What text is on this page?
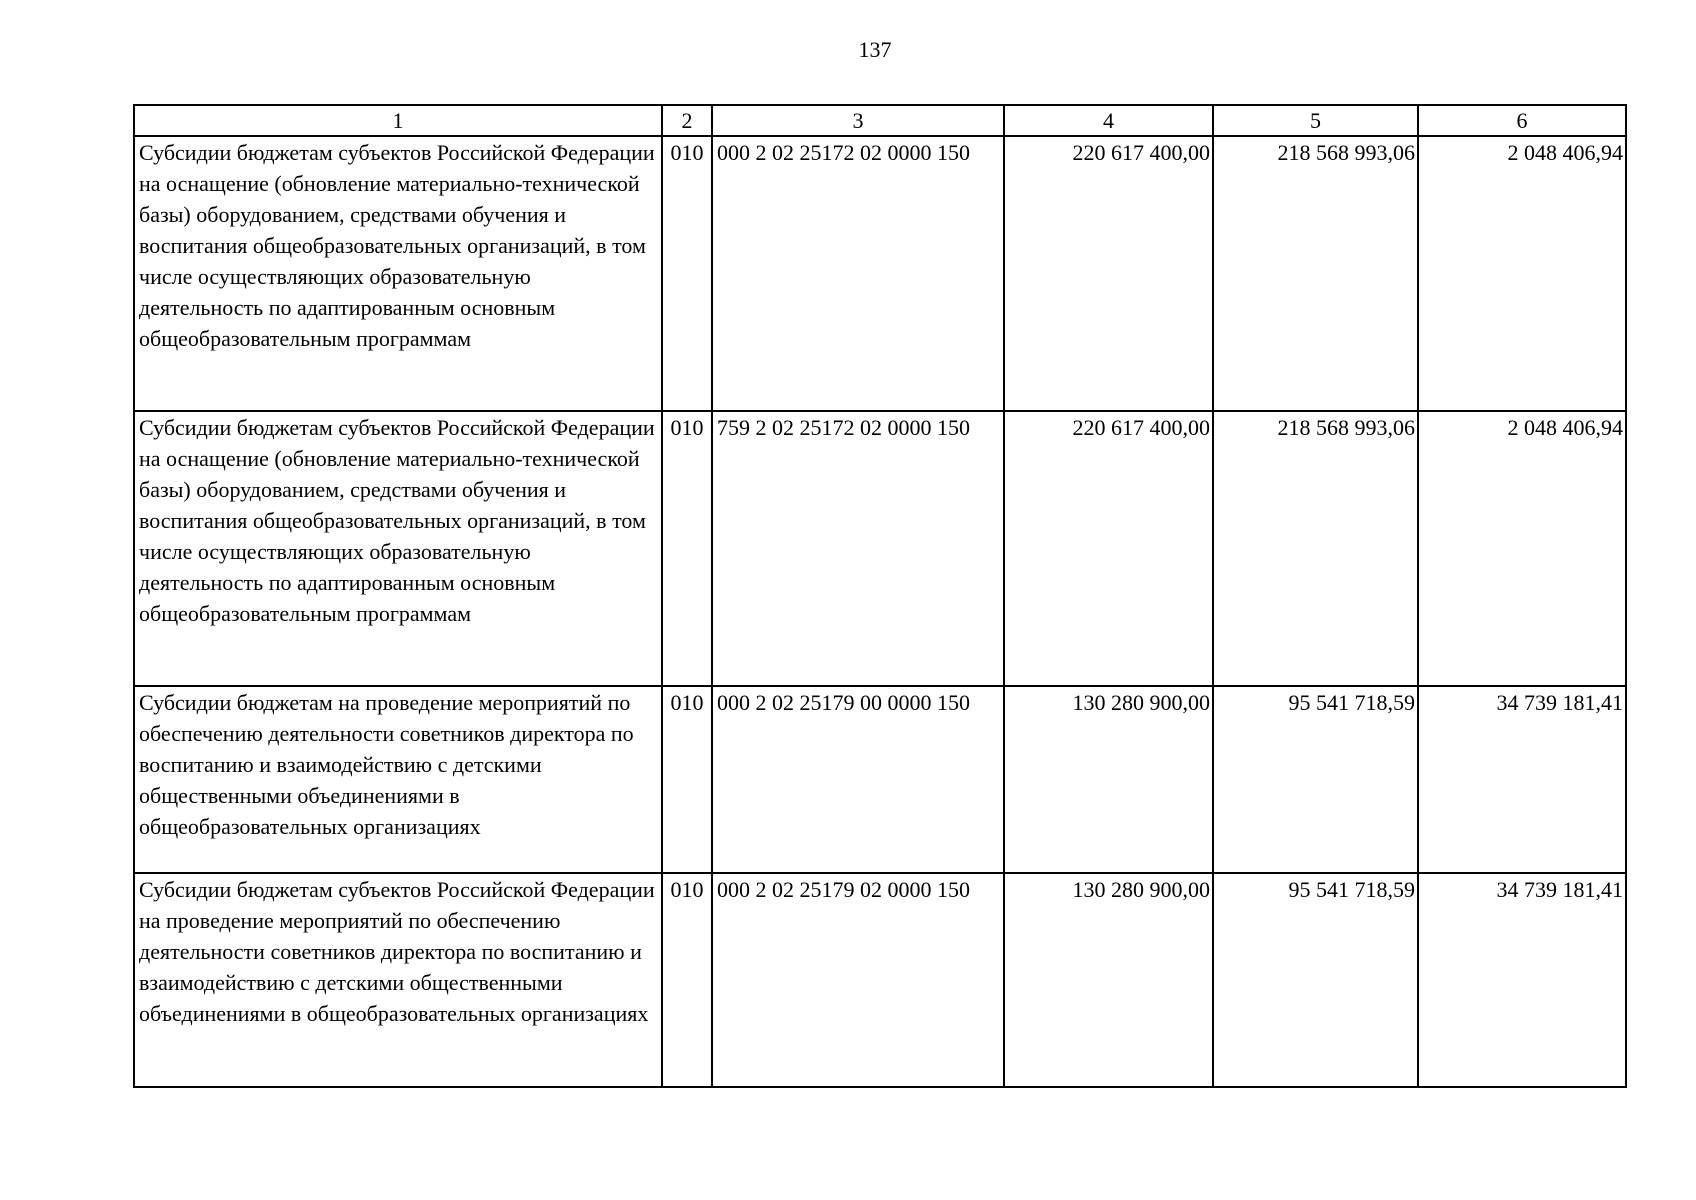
137
1	2	3	4	5	6
Субсидии бюджетам субъектов Российской Федерации на оснащение (обновление материально-технической базы) оборудованием, средствами обучения и воспитания общеобразовательных организаций, в том числе осуществляющих образовательную деятельность по адаптированным основным общеобразовательным программам	010	000 2 02 25172 02 0000 150	220 617 400,00	218 568 993,06	2 048 406,94
Субсидии бюджетам субъектов Российской Федерации на оснащение (обновление материально-технической базы) оборудованием, средствами обучения и воспитания общеобразовательных организаций, в том числе осуществляющих образовательную деятельность по адаптированным основным общеобразовательным программам	010	759 2 02 25172 02 0000 150	220 617 400,00	218 568 993,06	2 048 406,94
Субсидии бюджетам на проведение мероприятий по обеспечению деятельности советников директора по воспитанию и взаимодействию с детскими общественными объединениями в общеобразовательных организациях	010	000 2 02 25179 00 0000 150	130 280 900,00	95 541 718,59	34 739 181,41
Субсидии бюджетам субъектов Российской Федерации на проведение мероприятий по обеспечению деятельности советников директора по воспитанию и взаимодействию с детскими общественными объединениями в общеобразовательных организациях	010	000 2 02 25179 02 0000 150	130 280 900,00	95 541 718,59	34 739 181,41
